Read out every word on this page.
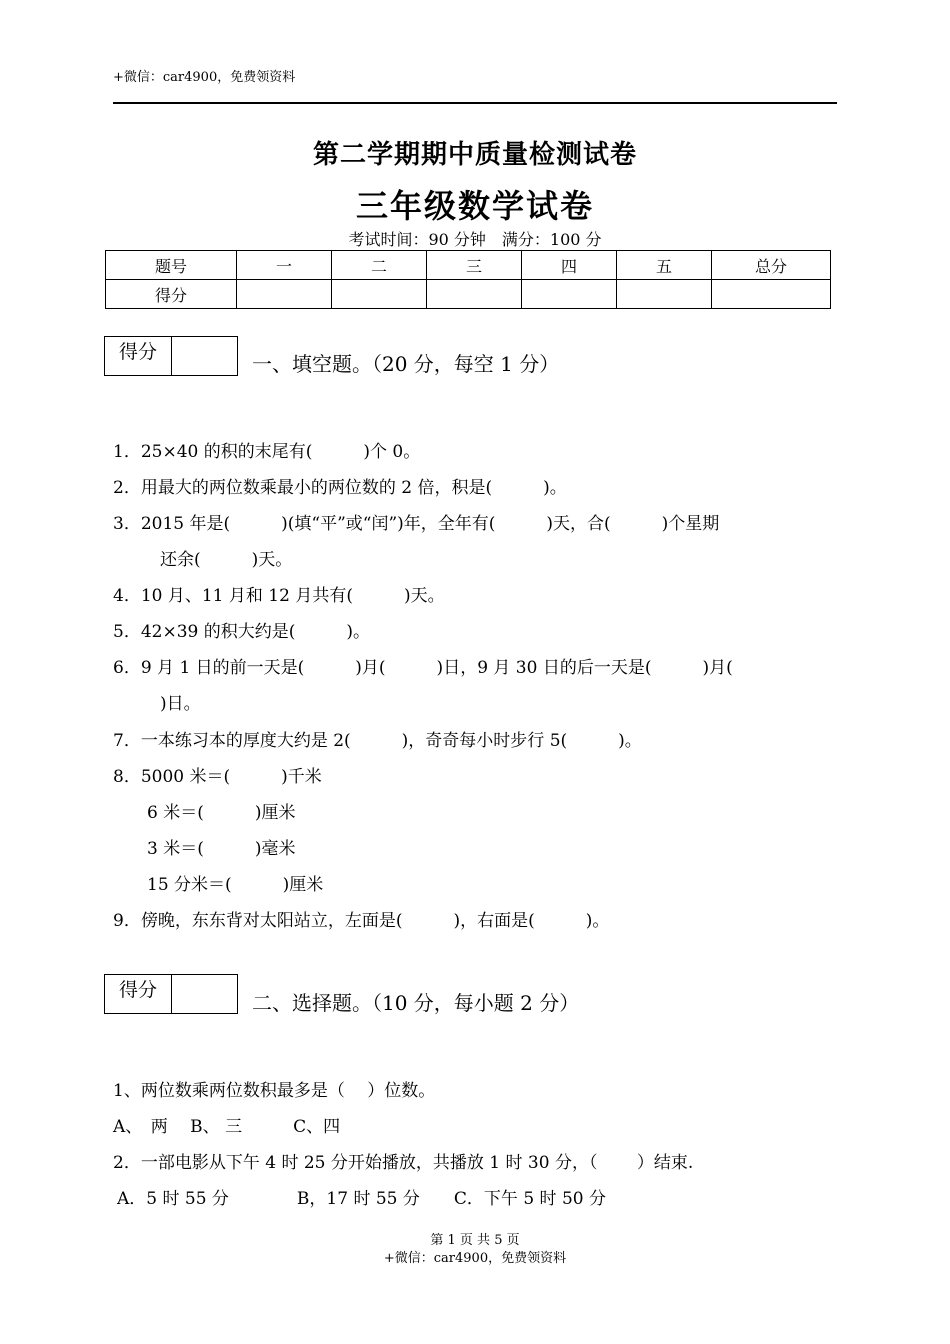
+微信：car4900，免费领资料
第二学期期中质量检测试卷
三年级数学试卷
考试时间：90 分钟　满分：100 分
题号	一	二	三	四	五	总分
得分						
得分	一、填空题。（20 分，每空 1 分）
1．25×40 的积的末尾有(　　　)个 0。
2．用最大的两位数乘最小的两位数的 2 倍，积是(　　　)。
3．2015 年是(　　　)(填“平”或“闰”)年，全年有(　　　)天，合(　　　)个星期
还余(　　　)天。
4．10 月、11 月和 12 月共有(　　　)天。
5．42×39 的积大约是(　　　)。
6．9 月 1 日的前一天是(　　　)月(　　　)日，9 月 30 日的后一天是(　　　)月(
)日。
7．一本练习本的厚度大约是 2(　　　)，奇奇每小时步行 5(　　　)。
8．5000 米＝(　　　)千米
6 米＝(　　　)厘米
3 米＝(　　　)毫米
15 分米＝(　　　)厘米
9．傍晚，东东背对太阳站立，左面是(　　　)，右面是(　　　)。
得分
二、选择题。（10 分，每小题 2 分）
1、两位数乘两位数积最多是（　 ）位数。
A、　两　 B、 三　　　C、四
2．一部电影从下午 4 时 25 分开始播放，共播放 1 时 30 分，（　　 ）结束.
A．5 时 55 分　　　　B，17 时 55 分　　C．下午 5 时 50 分
第 1 页 共 5 页
+微信：car4900，免费领资料
